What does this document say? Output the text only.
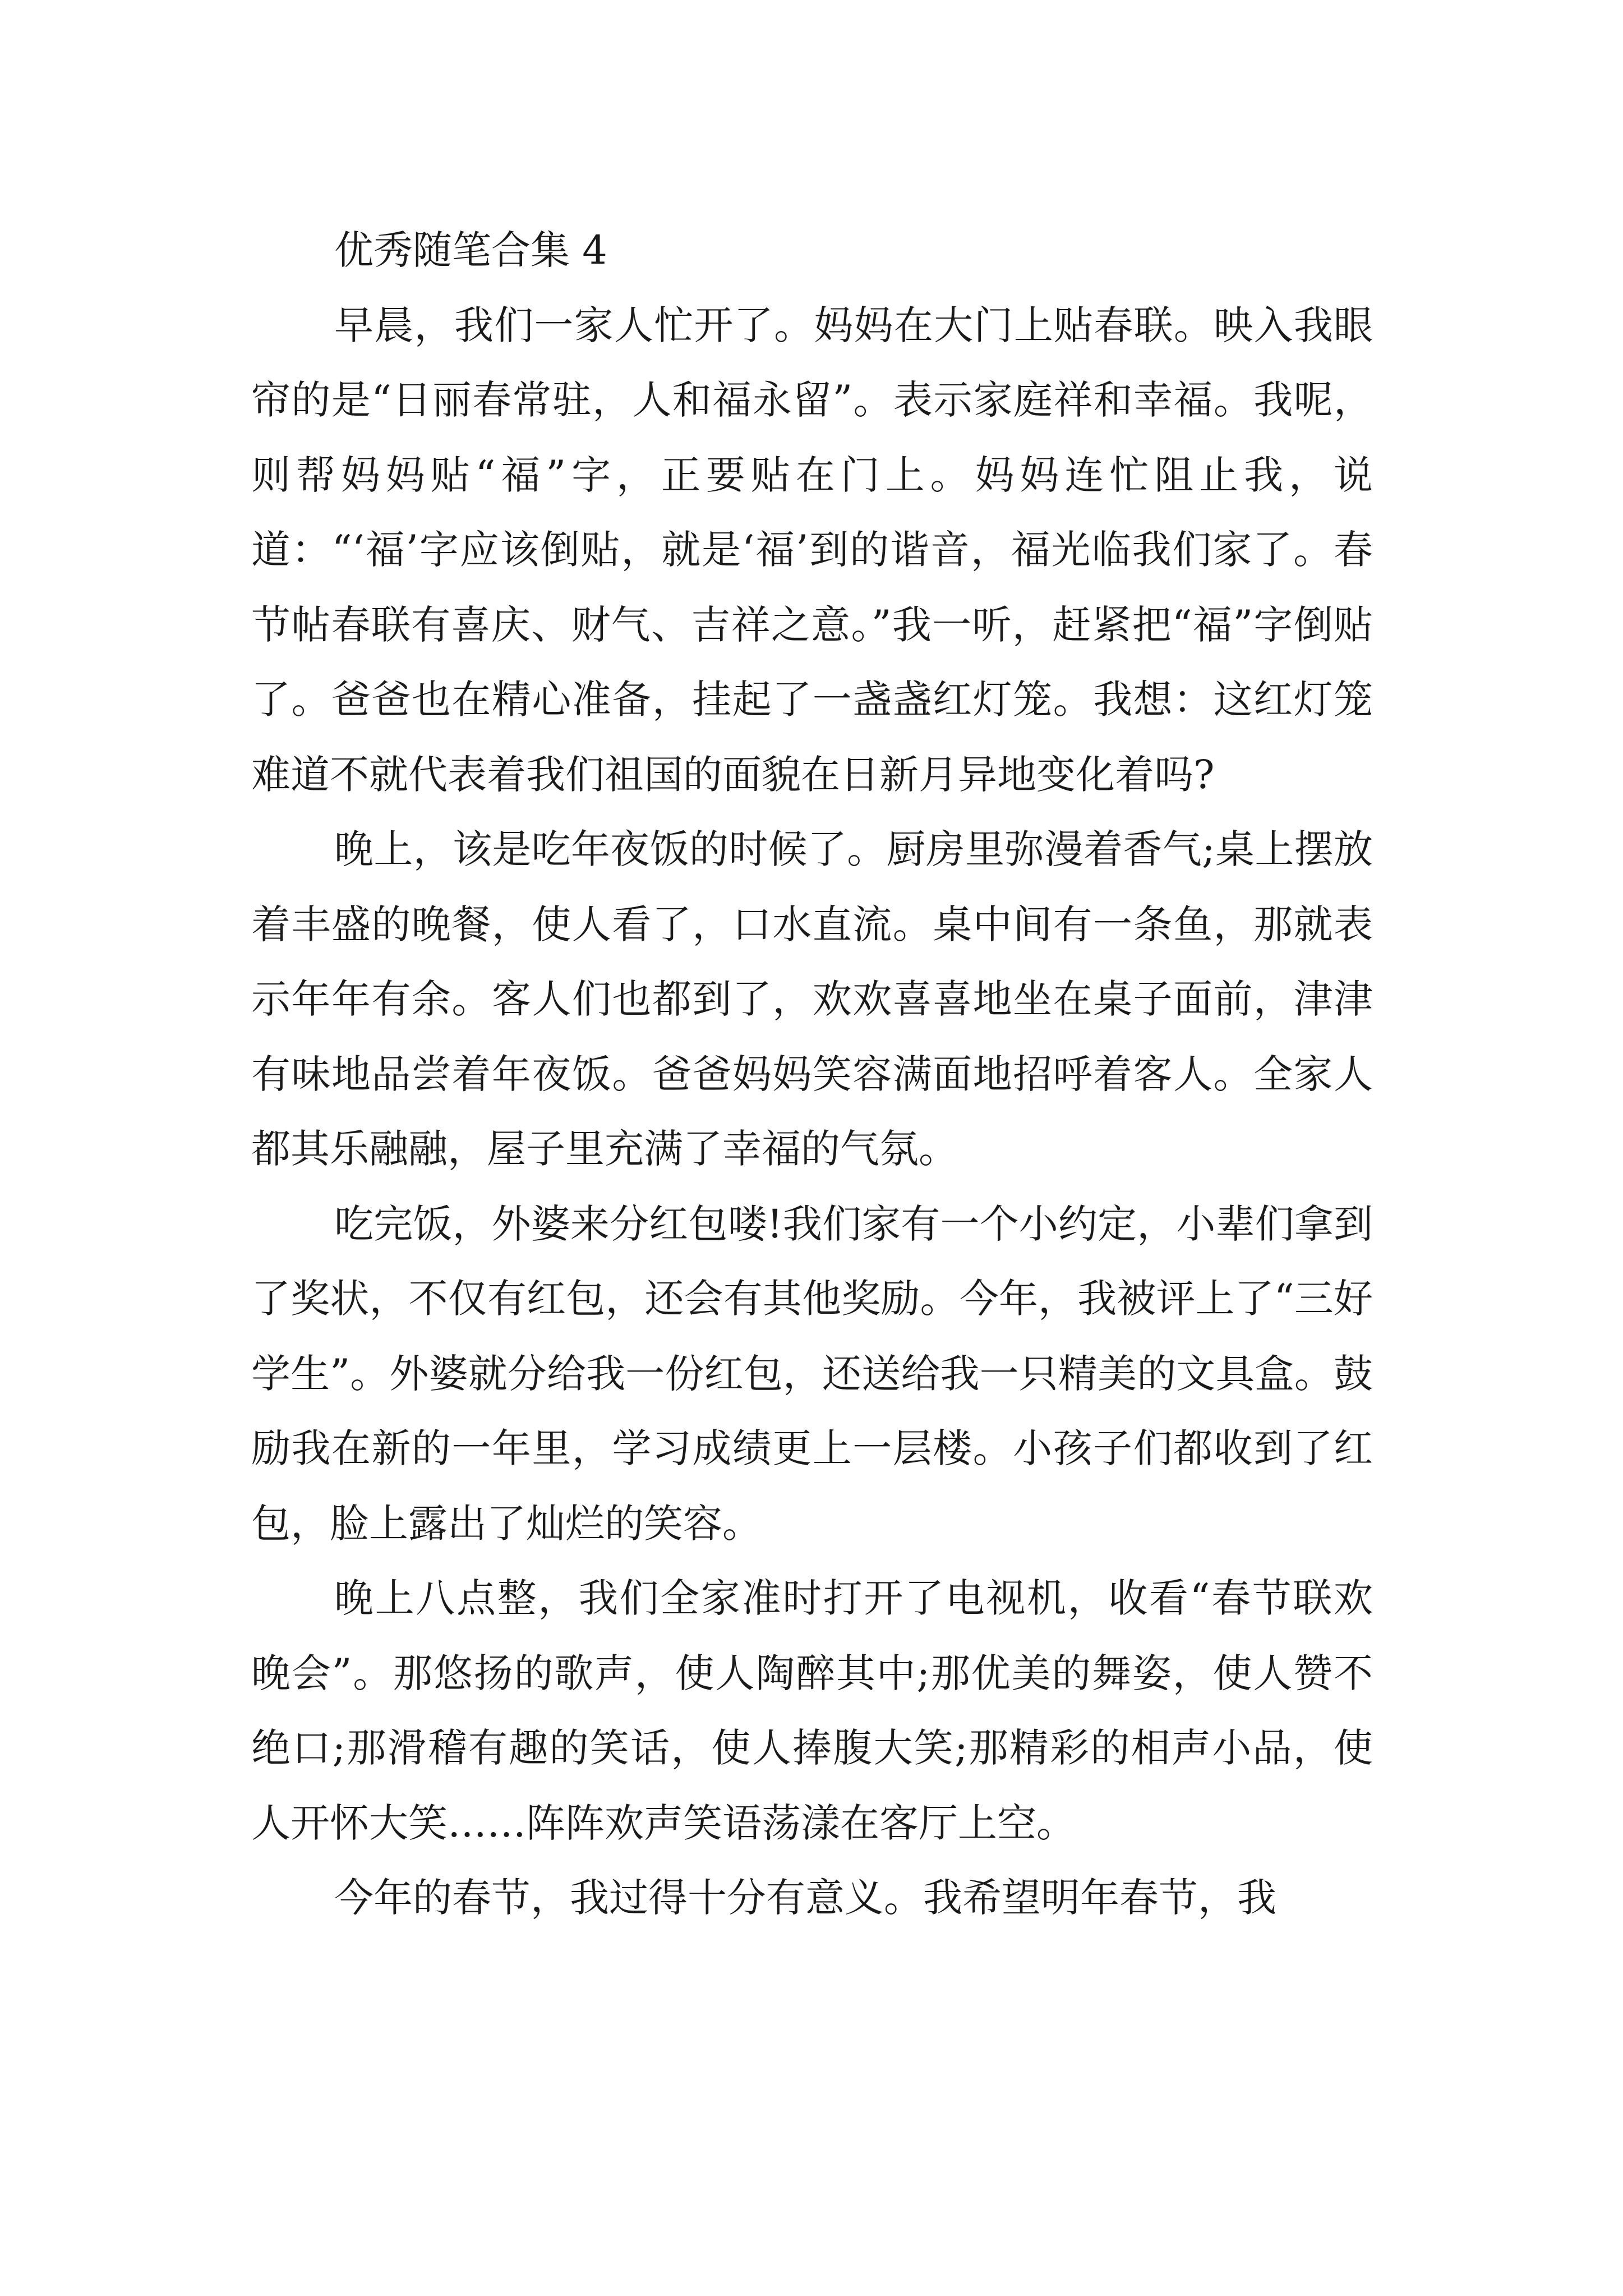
优秀随笔合集 4

早晨，我们一家人忙开了。妈妈在大门上贴春联。映入我眼帘的是“日丽春常驻，人和福永留”。表示家庭祥和幸福。我呢，则帮妈妈贴“福”字，正要贴在门上。妈妈连忙阻止我，说道：“‘福’字应该倒贴，就是‘福’到的谐音，福光临我们家了。春节帖春联有喜庆、财气、吉祥之意。”我一听，赶紧把“福”字倒贴了。爸爸也在精心准备，挂起了一盏盏红灯笼。我想：这红灯笼难道不就代表着我们祖国的面貌在日新月异地变化着吗?

晚上，该是吃年夜饭的时候了。厨房里弥漫着香气;桌上摆放着丰盛的晚餐，使人看了，口水直流。桌中间有一条鱼，那就表示年年有余。客人们也都到了，欢欢喜喜地坐在桌子面前，津津有味地品尝着年夜饭。爸爸妈妈笑容满面地招呼着客人。全家人都其乐融融，屋子里充满了幸福的气氛。

吃完饭，外婆来分红包喽!我们家有一个小约定，小辈们拿到了奖状，不仅有红包，还会有其他奖励。今年，我被评上了“三好学生”。外婆就分给我一份红包，还送给我一只精美的文具盒。鼓励我在新的一年里，学习成绩更上一层楼。小孩子们都收到了红包，脸上露出了灿烂的笑容。

晚上八点整，我们全家准时打开了电视机，收看“春节联欢晚会”。那悠扬的歌声，使人陶醉其中;那优美的舞姿，使人赞不绝口;那滑稽有趣的笑话，使人捧腹大笑;那精彩的相声小品，使人开怀大笑……阵阵欢声笑语荡漾在客厅上空。

今年的春节，我过得十分有意义。我希望明年春节，我
